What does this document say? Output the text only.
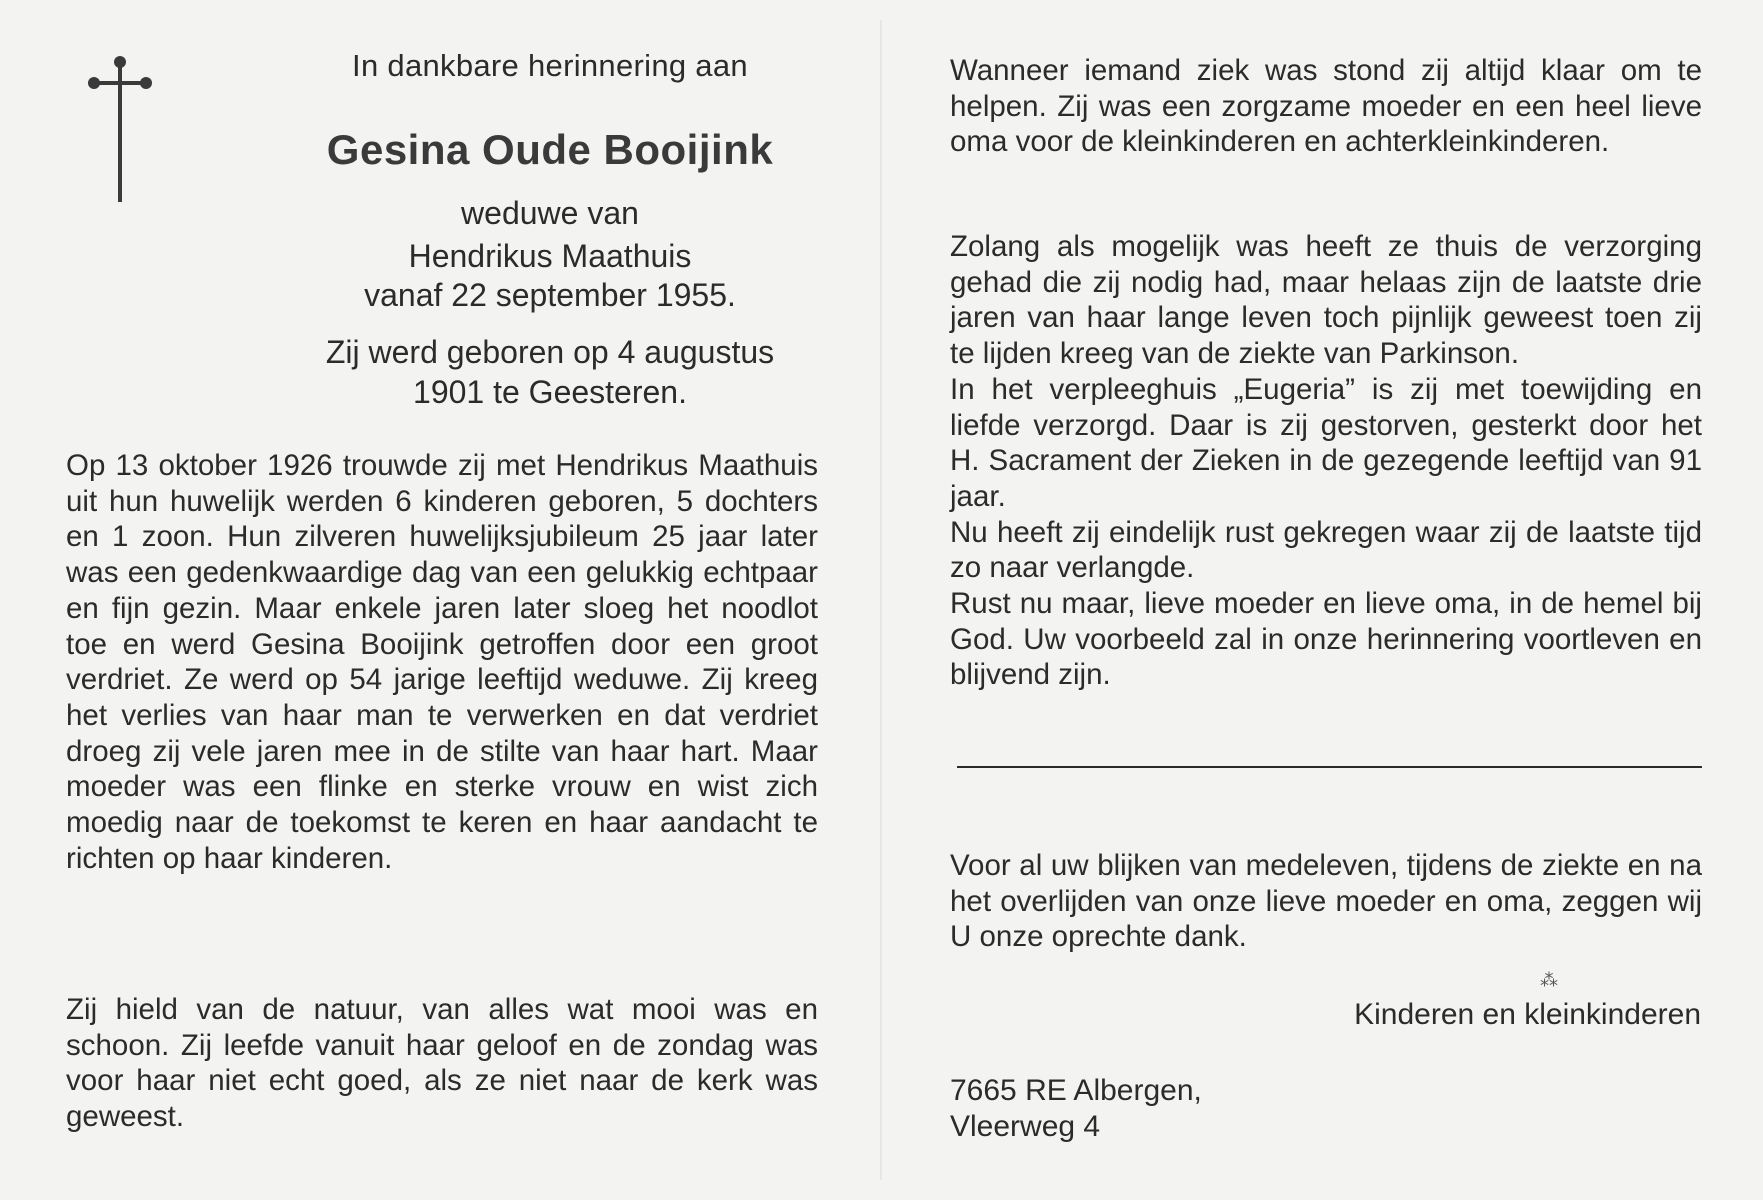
In dankbare herinnering aan
Gesina Oude Booijink
weduwe van
Hendrikus Maathuis
vanaf 22 september 1955.
Zij werd geboren op 4 augustus
1901 te Geesteren.

Op 13 oktober 1926 trouwde zij met Hendrikus Maathuis uit hun huwelijk werden 6 kinderen geboren, 5 dochters en 1 zoon. Hun zilveren huwelijksjubileum 25 jaar later was een gedenkwaardige dag van een gelukkig echtpaar en fijn gezin. Maar enkele jaren later sloeg het noodlot toe en werd Gesina Booijink getroffen door een groot verdriet. Ze werd op 54 jarige leeftijd weduwe. Zij kreeg het verlies van haar man te verwerken en dat verdriet droeg zij vele jaren mee in de stilte van haar hart. Maar moeder was een flinke en sterke vrouw en wist zich moedig naar de toekomst te keren en haar aandacht te richten op haar kinderen.

Zij hield van de natuur, van alles wat mooi was en schoon. Zij leefde vanuit haar geloof en de zondag was voor haar niet echt goed, als ze niet naar de kerk was geweest.

Wanneer iemand ziek was stond zij altijd klaar om te helpen. Zij was een zorgzame moeder en een heel lieve oma voor de kleinkinderen en achterkleinkinderen.

Zolang als mogelijk was heeft ze thuis de verzorging gehad die zij nodig had, maar helaas zijn de laatste drie jaren van haar lange leven toch pijnlijk geweest toen zij te lijden kreeg van de ziekte van Parkinson.
In het verpleeghuis „Eugeria” is zij met toewijding en liefde verzorgd. Daar is zij gestorven, gesterkt door het H. Sacrament der Zieken in de gezegende leeftijd van 91 jaar.
Nu heeft zij eindelijk rust gekregen waar zij de laatste tijd zo naar verlangde.
Rust nu maar, lieve moeder en lieve oma, in de hemel bij God. Uw voorbeeld zal in onze herinnering voortleven en blijvend zijn.

Voor al uw blijken van medeleven, tijdens de ziekte en na het overlijden van onze lieve moeder en oma, zeggen wij U onze oprechte dank.

⁂
Kinderen en kleinkinderen
7665 RE Albergen,
Vleerweg 4
